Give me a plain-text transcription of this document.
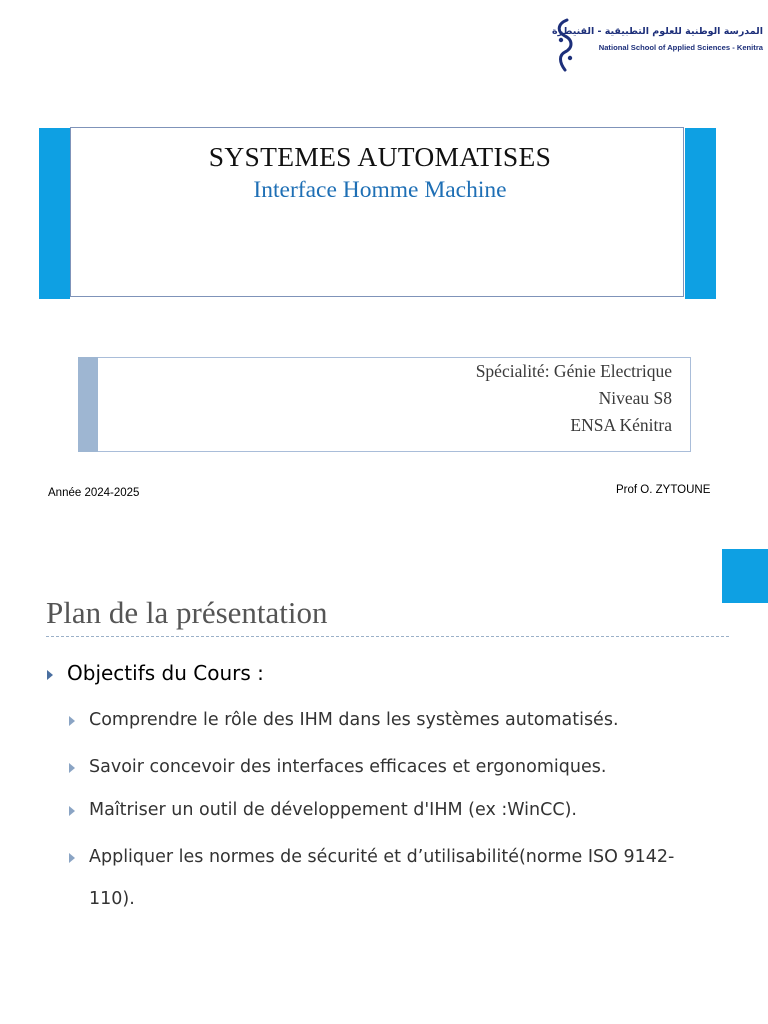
المدرسة الوطنية للعلوم التطبيقية - القنيطرة
National School of Applied Sciences - Kenitra
SYSTEMES AUTOMATISES
Interface Homme Machine
Spécialité: Génie Electrique
Niveau S8
ENSA Kénitra
Année 2024-2025	Prof O. ZYTOUNE
Plan de la présentation
Objectifs du Cours :
Comprendre le rôle des IHM dans les systèmes automatisés.
Savoir concevoir des interfaces efficaces et ergonomiques.
Maîtriser un outil de développement d'IHM (ex :WinCC).
Appliquer les normes de sécurité et d’utilisabilité(norme ISO 9142-
110).
